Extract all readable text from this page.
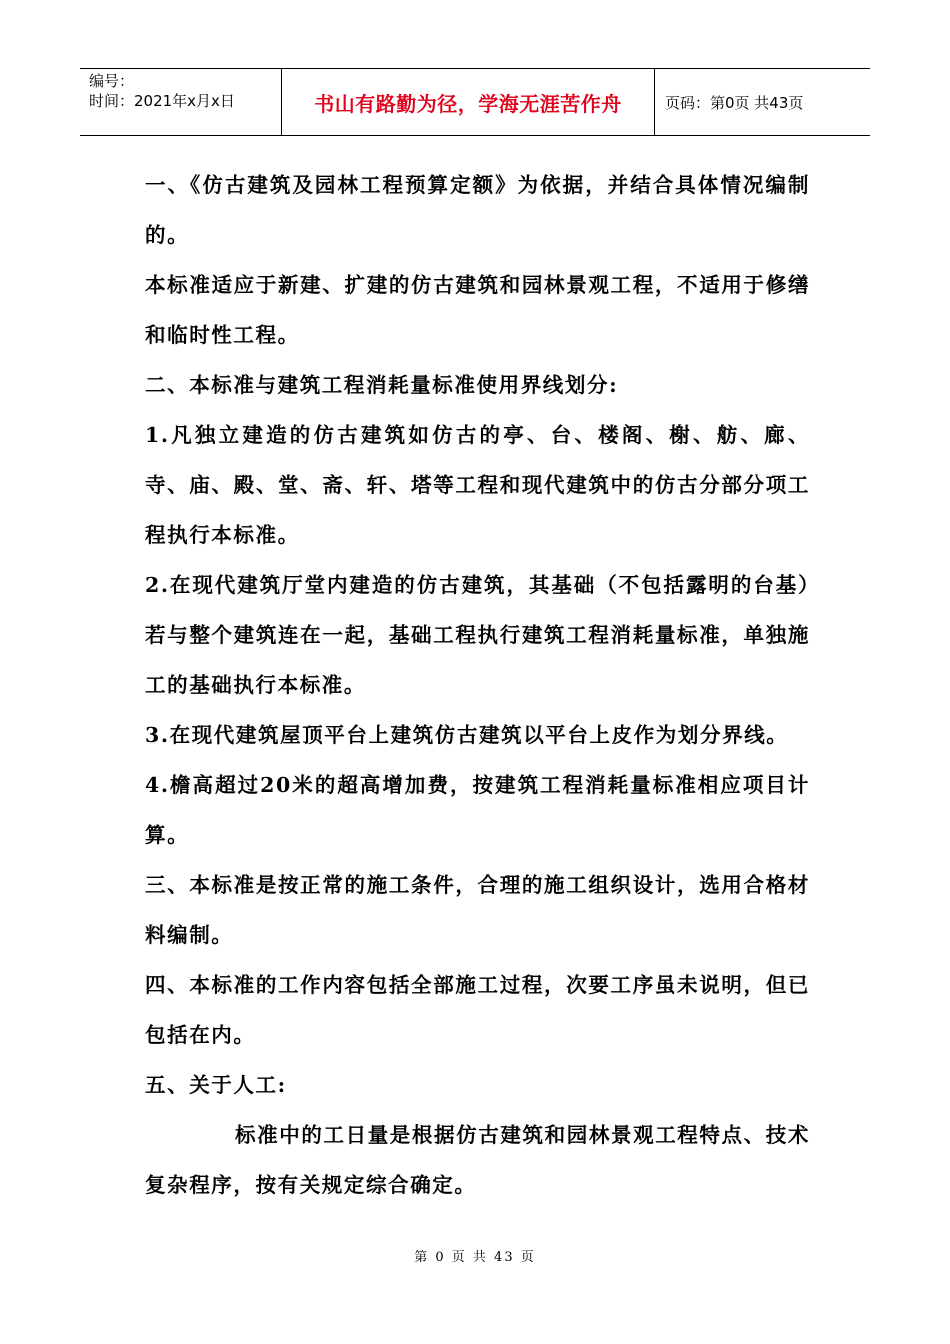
编号：
时间：2021年x月x日	书山有路勤为径，学海无涯苦作舟	页码：第0页 共43页

一、《仿古建筑及园林工程预算定额》为依据，并结合具体情况编制的。

本标准适应于新建、扩建的仿古建筑和园林景观工程，不适用于修缮和临时性工程。

二、本标准与建筑工程消耗量标准使用界线划分:

1.凡独立建造的仿古建筑如仿古的亭、台、楼阁、榭、舫、廊、寺、庙、殿、堂、斋、轩、塔等工程和现代建筑中的仿古分部分项工程执行本标准。

2.在现代建筑厅堂内建造的仿古建筑，其基础（不包括露明的台基）若与整个建筑连在一起，基础工程执行建筑工程消耗量标准，单独施工的基础执行本标准。

3.在现代建筑屋顶平台上建筑仿古建筑以平台上皮作为划分界线。

4.檐高超过20米的超高增加费，按建筑工程消耗量标准相应项目计算。

三、本标准是按正常的施工条件，合理的施工组织设计，选用合格材料编制。

四、本标准的工作内容包括全部施工过程，次要工序虽未说明，但已包括在内。

五、关于人工:

标准中的工日量是根据仿古建筑和园林景观工程特点、技术复杂程序，按有关规定综合确定。

第 0 页 共 43 页
